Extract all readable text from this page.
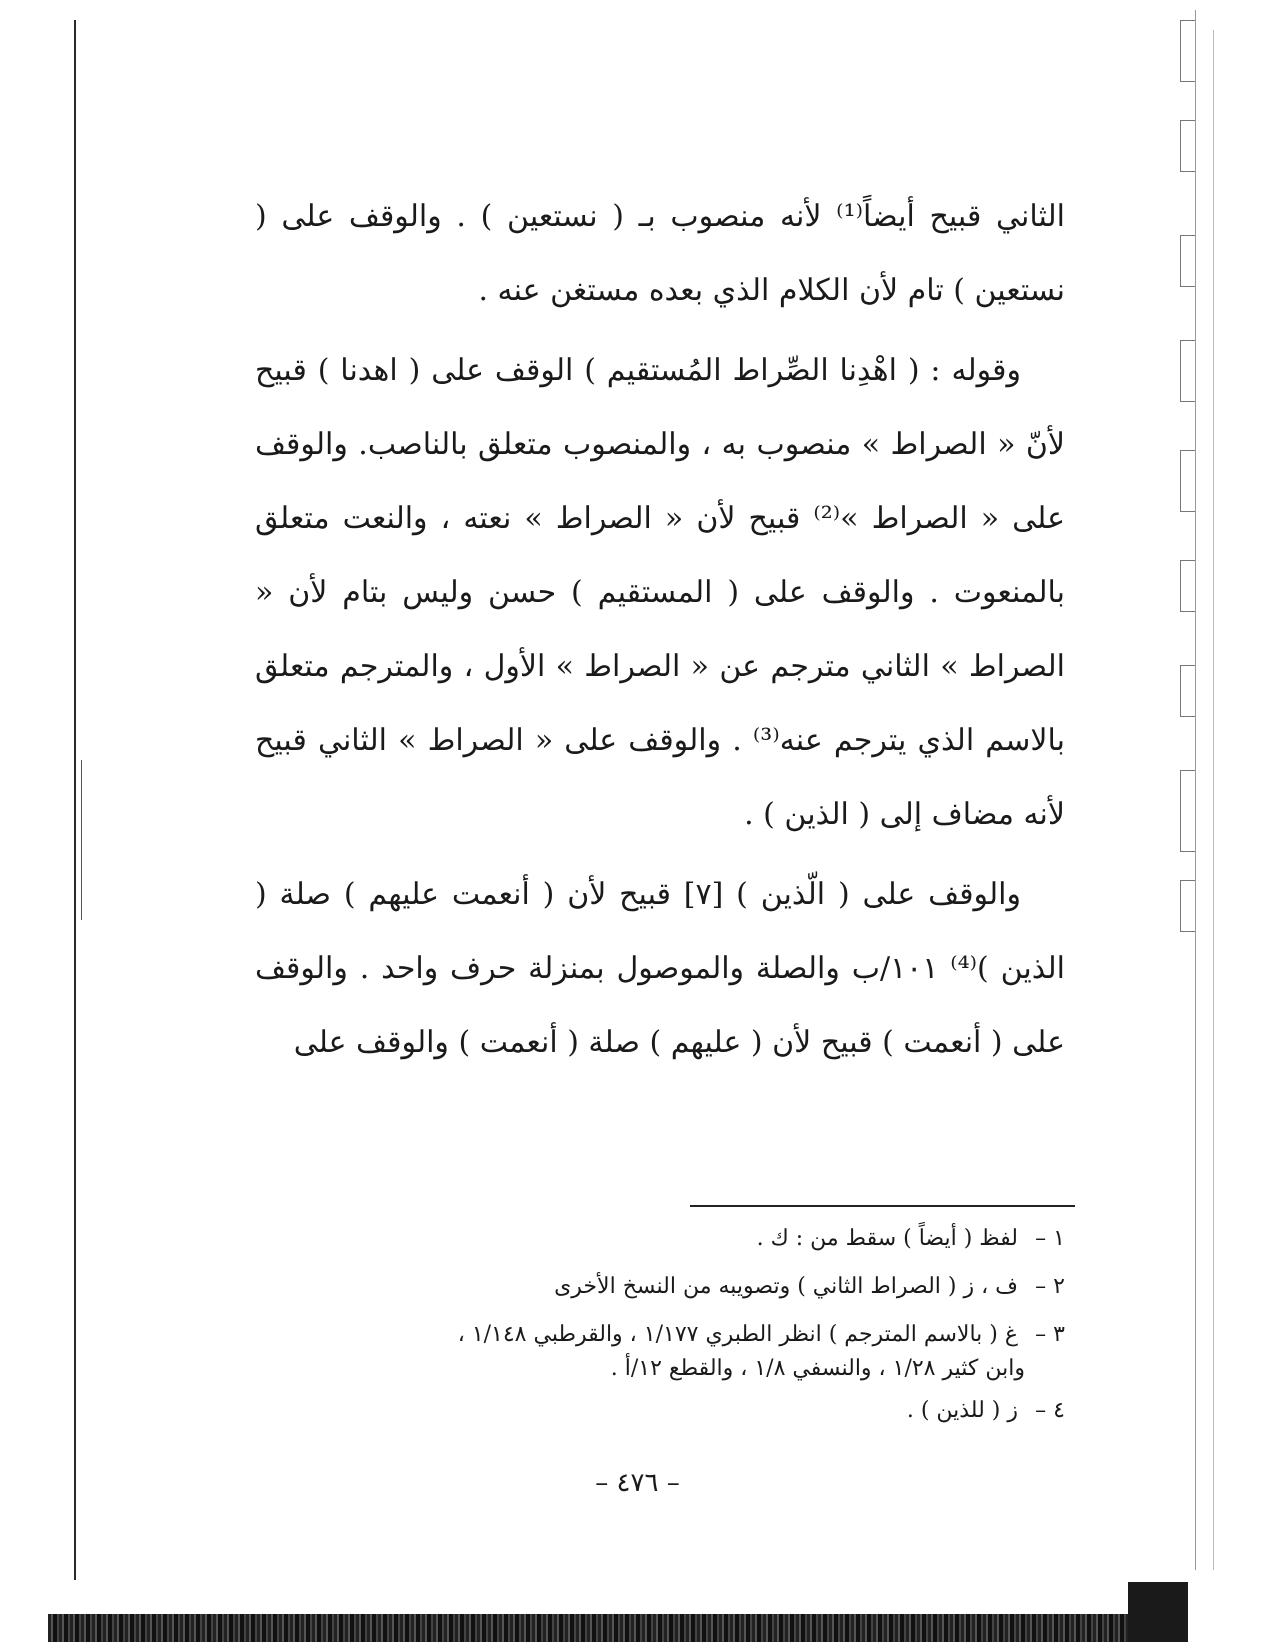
الثاني قبيح أيضاً⁽¹⁾ لأنه منصوب بـ ( نستعين ) . والوقف على ( نستعين ) تام لأن الكلام الذي بعده مستغن عنه .

وقوله : ( اهْدِنا الصِّراط المُستقيم ) الوقف على ( اهدنا ) قبيح لأنّ « الصراط » منصوب به ، والمنصوب متعلق بالناصب. والوقف على « الصراط »⁽²⁾ قبيح لأن « الصراط » نعته ، والنعت متعلق بالمنعوت . والوقف على ( المستقيم ) حسن وليس بتام لأن « الصراط » الثاني مترجم عن « الصراط » الأول ، والمترجم متعلق بالاسم الذي يترجم عنه⁽³⁾ . والوقف على « الصراط » الثاني قبيح لأنه مضاف إلى ( الذين ) .

والوقف على ( الّذين ) [٧] قبيح لأن ( أنعمت عليهم ) صلة ( الذين )⁽⁴⁾ ١٠١/ب والصلة والموصول بمنزلة حرف واحد . والوقف على ( أنعمت ) قبيح لأن ( عليهم ) صلة ( أنعمت ) والوقف على

١ – لفظ ( أيضاً ) سقط من : ك .

٢ – ف ، ز ( الصراط الثاني ) وتصويبه من النسخ الأخرى

٣ – غ ( بالاسم المترجم ) انظر الطبري ١/١٧٧ ، والقرطبي ١/١٤٨ ،
وابن كثير ١/٢٨ ، والنسفي ١/٨ ، والقطع ١٢/أ .

٤ – ز ( للذين ) .

– ٤٧٦ –
